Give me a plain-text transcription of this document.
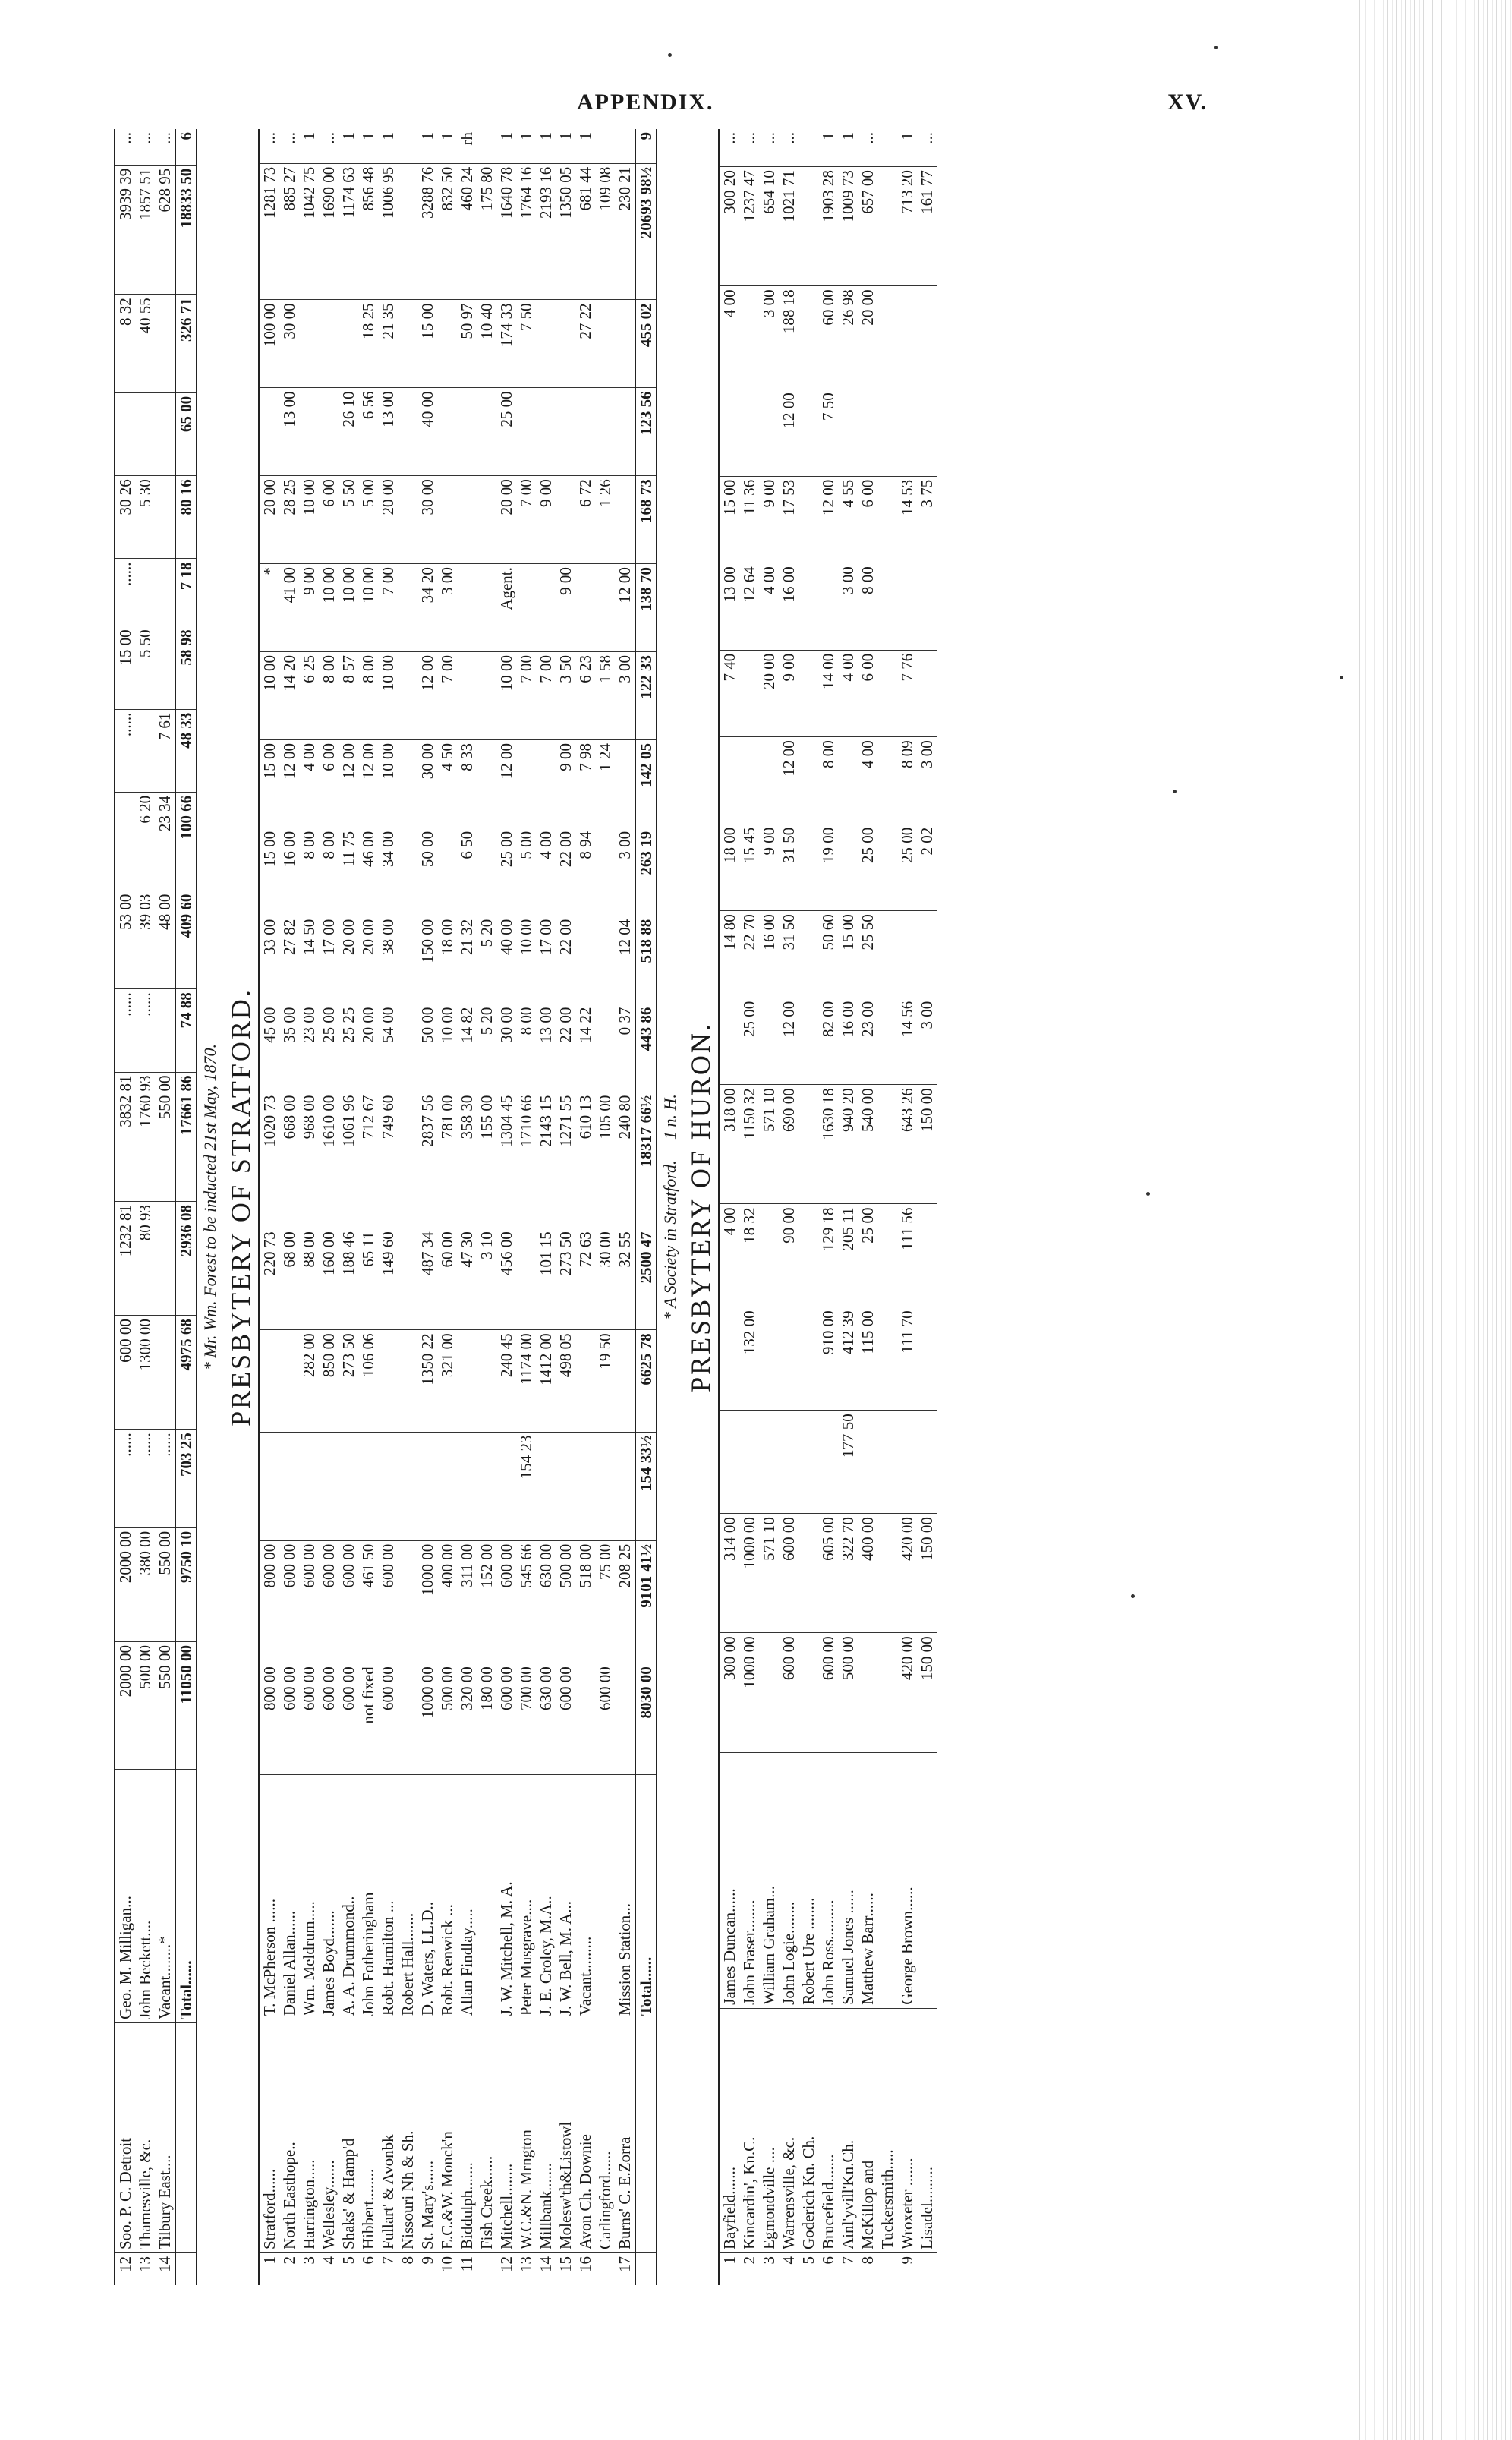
APPENDIX.	XV.
12	Soo. P. C. Detroit	Geo. M. Milligan...	2000 00	2000 00	......	600 00	1232 81	3832 81	......	53 00		......	15 00	......	30 26		8 32	3939 39	...
13	Thamesville, &c.	John Beckett....	500 00	380 00	......	1300 00	80 93	1760 93	......	39 03	6 20		5 50		5 30		40 55	1857 51	...
14	Tilbury East....	Vacant........*	550 00	550 00	......			550 00		48 00	23 34	7 61						628 95	...
		Total......	11050 00	9750 10	703 25	4975 68	2936 08	17661 86	74 88	409 60	100 66	48 33	58 98	7 18	80 16	65 00	326 71	18833 50	6
* Mr. Wm. Forest to be inducted 21st May, 1870. PRESBYTERY OF STRATFORD.
1	Stratford......	T. McPherson ......	800 00	800 00			220 73	1020 73	45 00	33 00	15 00	15 00	10 00	*	20 00		100 00	1281 73	...
2	North Easthope..	Daniel Allan......	600 00	600 00			68 00	668 00	35 00	27 82	16 00	12 00	14 20	41 00	28 25	13 00	30 00	885 27	...
3	Harrington.....	Wm. Meldrum.....	600 00	600 00		282 00	88 00	968 00	23 00	14 50	8 00	4 00	6 25	9 00	10 00			1042 75	1
4	Wellesley.......	James Boyd.......	600 00	600 00		850 00	160 00	1610 00	25 00	17 00	8 00	6 00	8 00	10 00	6 00			1690 00	...
5	Shaks' & Hamp'd	A. A. Drummond..	600 00	600 00		273 50	188 46	1061 96	25 25	20 00	11 75	12 00	8 57	10 00	5 50	26 10		1174 63	1
6	Hibbert........	John Fotheringham	not fixed	461 50		106 06	65 11	712 67	20 00	20 00	46 00	12 00	8 00	10 00	5 00	6 56	18 25	856 48	1
7	Fullart' & Avonbk	Robt. Hamilton ...	600 00	600 00			149 60	749 60	54 00	38 00	34 00	10 00	10 00	7 00	20 00	13 00	21 35	1006 95	1
8	Nissouri Nh & Sh.	Robert Hall.......																	
9	St. Mary's......	D. Waters, LL.D..	1000 00	1000 00		1350 22	487 34	2837 56	50 00	150 00	50 00	30 00	12 00	34 20	30 00	40 00	15 00	3288 76	1
10	E.C.&W. Monck'n	Robt. Renwick ...	500 00	400 00		321 00	60 00	781 00	10 00	18 00		4 50	7 00	3 00				832 50	1
11	Biddulph.......	Allan Findlay.....	320 00	311 00			47 30	358 30	14 82	21 32	6 50	8 33					50 97	460 24	rh
	Fish Creek......		180 00	152 00			3 10	155 00	5 20	5 20							10 40	175 80	
12	Mitchell........	J. W. Mitchell, M. A.	600 00	600 00		240 45	456 00	1304 45	30 00	40 00	25 00	12 00	10 00	Agent.	20 00	25 00	174 33	1640 78	1
13	W.C.&N. Mrngton	Peter Musgrave....	700 00	545 66	154 23	1174 00		1710 66	8 00	10 00	5 00		7 00		7 00		7 50	1764 16	1
14	Millbank.......	J. E. Croley, M.A..	630 00	630 00		1412 00	101 15	2143 15	13 00	17 00	4 00		7 00		9 00			2193 16	1
15	Molesw'th&Listowl	J. W. Bell, M. A...	600 00	500 00		498 05	273 50	1271 55	22 00	22 00	22 00	9 00	3 50	9 00				1350 05	1
16	Avon Ch. Downie	Vacant.........		518 00			72 63	610 13	14 22		8 94	7 98	6 23		6 72		27 22	681 44	1
	Carlingford......		600 00	75 00		19 50	30 00	105 00				1 24	1 58		1 26			109 08	
17	Burns' C. E.Zorra	Mission Station...		208 25			32 55	240 80	0 37	12 04	3 00		3 00	12 00				230 21	
		Total......	8030 00	9101 41½	154 33½	6625 78	2500 47	18317 66½	443 86	518 88	263 19	142 05	122 33	138 70	168 73	123 56	455 02	20693 98½	9
* A Society in Stratford.     1 n. H. PRESBYTERY OF HURON.
1	Bayfield.......	James Duncan......	300 00	314 00			4 00	318 00		14 80	18 00		7 40	13 00	15 00		4 00	300 20	...
2	Kincardin', Kn.C.	John Fraser........	1000 00	1000 00		132 00	18 32	1150 32	25 00	22 70	15 45			12 64	11 36			1237 47	...
3	Egmondville ....	William Graham...		571 10				571 10		16 00	9 00		20 00	4 00	9 00		3 00	654 10	...
4	Warrensville, &c.	John Logie........	600 00	600 00			90 00	690 00	12 00	31 50	31 50	12 00	9 00	16 00	17 53	12 00	188 18	1021 71	...
5	Goderich Kn. Ch.	Robert Ure ........																	
6	Brucefield.......	John Ross..........	600 00	605 00		910 00	129 18	1630 18	82 00	50 60	19 00	8 00	14 00		12 00	7 50	60 00	1903 28	1
7	Ainl'yvill'Kn.Ch.	Samuel Jones ......	500 00	322 70	177 50	412 39	205 11	940 20	16 00	15 00			4 00	3 00	4 55		26 98	1009 73	1
8	McKillop and	Matthew Barr......		400 00		115 00	25 00	540 00	23 00	25 50	25 00	4 00	6 00	8 00	6 00		20 00	657 00	...
	Tuckersmith.....																		
9	Wroxeter .......	George Brown......	420 00	420 00		111 70	111 56	643 26	14 56		25 00	8 09	7 76		14 53			713 20	1
	Lisadel.........		150 00	150 00				150 00	3 00		2 02	3 00			3 75			161 77	...
